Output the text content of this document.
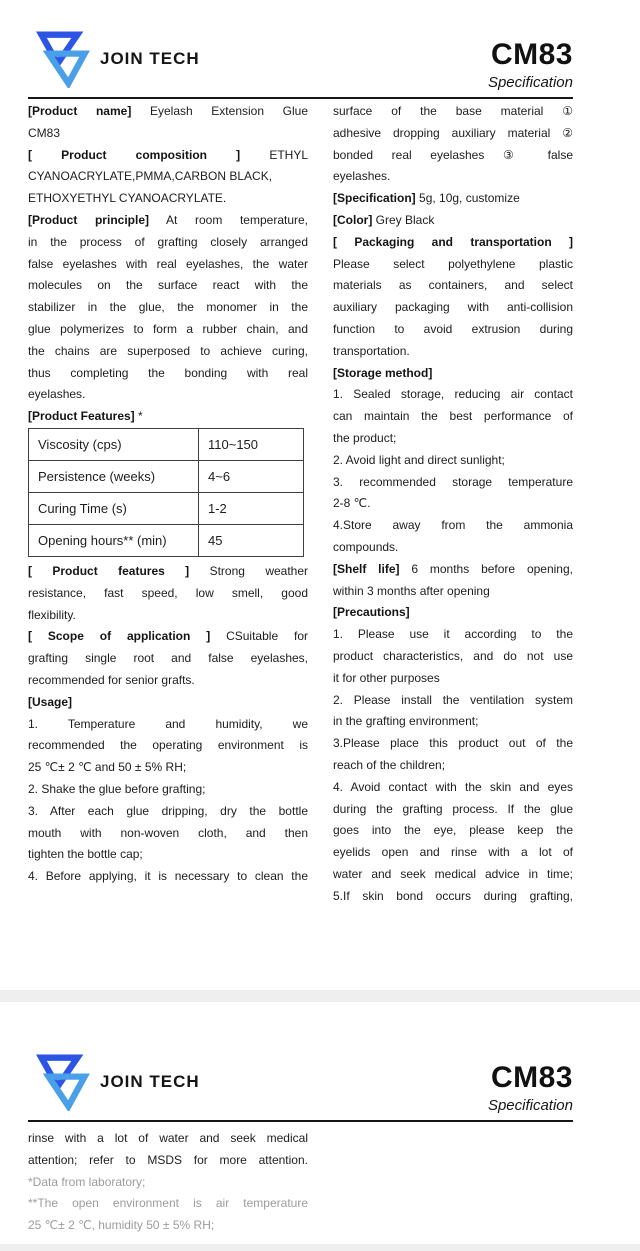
JOIN TECH	CM83
Specification
[Product name] Eyelash Extension Glue
CM83
[ Product composition ] ETHYL
CYANOACRYLATE,PMMA,CARBON BLACK,
ETHOXYETHYL CYANOACRYLATE.
[Product principle] At room temperature,
in the process of grafting closely arranged
false eyelashes with real eyelashes, the water
molecules on the surface react with the
stabilizer in the glue, the monomer in the
glue polymerizes to form a rubber chain, and
the chains are superposed to achieve curing,
thus completing the bonding with real
eyelashes.
[Product Features] *
Viscosity (cps)	110~150
Persistence (weeks)	4~6
Curing Time (s)	1-2
Opening hours** (min)	45
[ Product features ] Strong weather
resistance, fast speed, low smell, good
flexibility.
[ Scope of application ] CSuitable for
grafting single root and false eyelashes,
recommended for senior grafts.
[Usage]
1. Temperature and humidity, we
recommended the operating environment is
25 ℃± 2 ℃ and 50 ± 5% RH;
2. Shake the glue before grafting;
3. After each glue dripping, dry the bottle
mouth with non-woven cloth, and then
tighten the bottle cap;
4. Before applying, it is necessary to clean the
surface of the base material ①
adhesive dropping auxiliary material ②
bonded real eyelashes ③ false
eyelashes.
[Specification] 5g, 10g, customize
[Color] Grey Black
[ Packaging and transportation ]
Please select polyethylene plastic
materials as containers, and select
auxiliary packaging with anti-collision
function to avoid extrusion during
transportation.
[Storage method]
1. Sealed storage, reducing air contact
can maintain the best performance of
the product;
2. Avoid light and direct sunlight;
3. recommended storage temperature
2-8 ℃.
4.Store away from the ammonia
compounds.
[Shelf life] 6 months before opening,
within 3 months after opening
[Precautions]
1. Please use it according to the
product characteristics, and do not use
it for other purposes
2. Please install the ventilation system
in the grafting environment;
3.Please place this product out of the
reach of the children;
4. Avoid contact with the skin and eyes
during the grafting process. If the glue
goes into the eye, please keep the
eyelids open and rinse with a lot of
water and seek medical advice in time;
5.If skin bond occurs during grafting,
JOIN TECH	CM83
Specification
rinse with a lot of water and seek medical
attention; refer to MSDS for more attention.
*Data from laboratory;
**The open environment is air temperature
25 ℃± 2 ℃, humidity 50 ± 5% RH;
